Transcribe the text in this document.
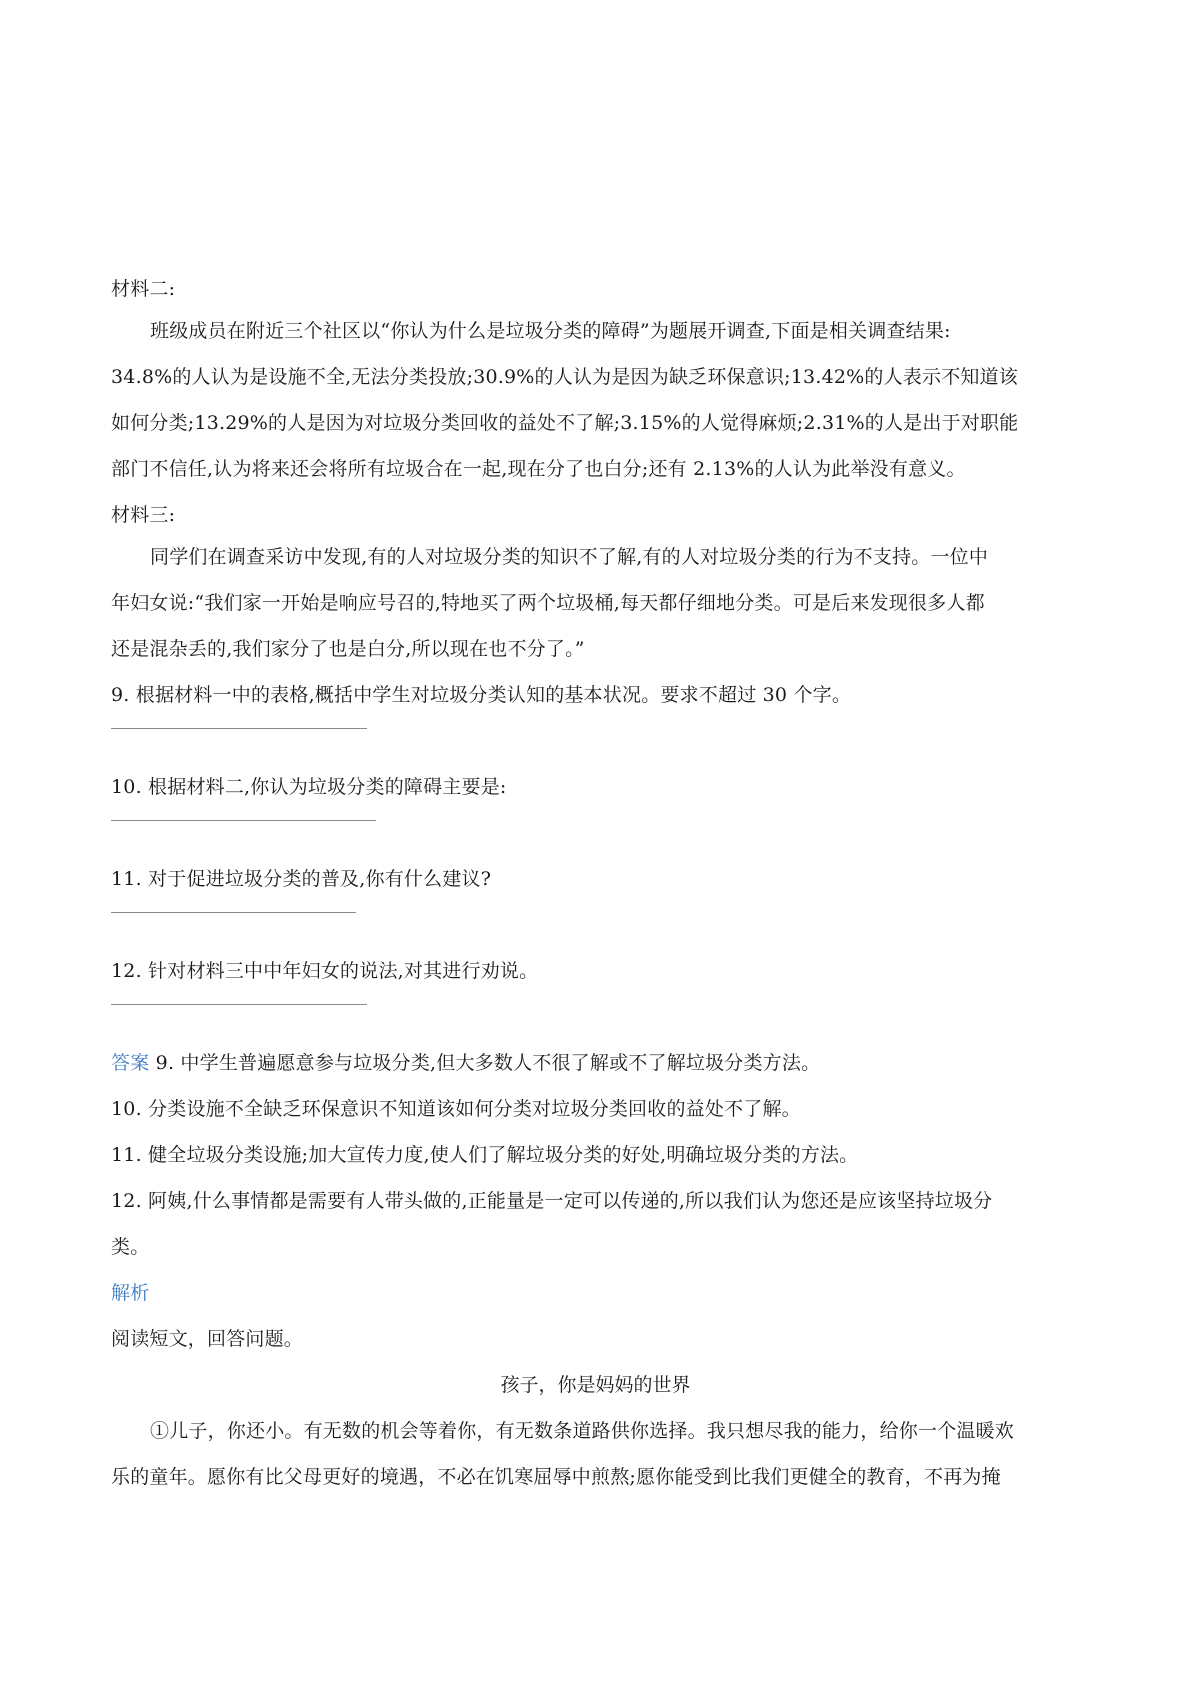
材料二:
班级成员在附近三个社区以“你认为什么是垃圾分类的障碍”为题展开调查,下面是相关调查结果:
34.8%的人认为是设施不全,无法分类投放;30.9%的人认为是因为缺乏环保意识;13.42%的人表示不知道该
如何分类;13.29%的人是因为对垃圾分类回收的益处不了解;3.15%的人觉得麻烦;2.31%的人是出于对职能
部门不信任,认为将来还会将所有垃圾合在一起,现在分了也白分;还有 2.13%的人认为此举没有意义。
材料三:
同学们在调查采访中发现,有的人对垃圾分类的知识不了解,有的人对垃圾分类的行为不支持。一位中
年妇女说:“我们家一开始是响应号召的,特地买了两个垃圾桶,每天都仔细地分类。可是后来发现很多人都
还是混杂丢的,我们家分了也是白分,所以现在也不分了。”
9. 根据材料一中的表格,概括中学生对垃圾分类认知的基本状况。要求不超过 30 个字。
10. 根据材料二,你认为垃圾分类的障碍主要是:
11. 对于促进垃圾分类的普及,你有什么建议?
12. 针对材料三中中年妇女的说法,对其进行劝说。
答案 9. 中学生普遍愿意参与垃圾分类,但大多数人不很了解或不了解垃圾分类方法。
10. 分类设施不全缺乏环保意识不知道该如何分类对垃圾分类回收的益处不了解。
11. 健全垃圾分类设施;加大宣传力度,使人们了解垃圾分类的好处,明确垃圾分类的方法。
12. 阿姨,什么事情都是需要有人带头做的,正能量是一定可以传递的,所以我们认为您还是应该坚持垃圾分
类。
解析
阅读短文，回答问题。
孩子，你是妈妈的世界
①儿子，你还小。有无数的机会等着你，有无数条道路供你选择。我只想尽我的能力，给你一个温暖欢
乐的童年。愿你有比父母更好的境遇，不必在饥寒屈辱中煎熬;愿你能受到比我们更健全的教育，不再为掩
